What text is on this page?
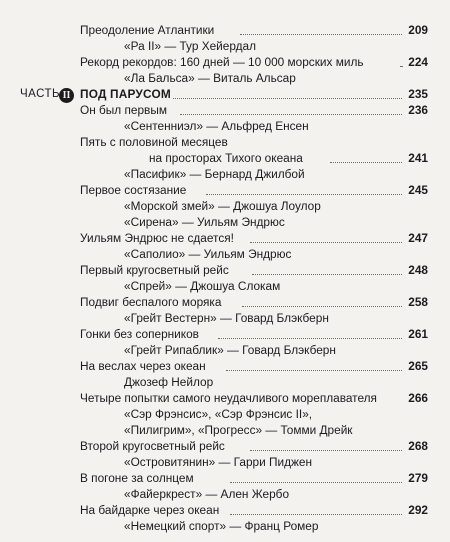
Преодоление Атлантики	209
«Ра II» — Тур Хейердал
Рекорд рекордов: 160 дней — 10 000 морских миль	224
«Ла Бальса» — Виталь Альсар
ЧАСТЬ II ПОД ПАРУСОМ	235
Он был первым	236
«Сентенниэл» — Альфред Енсен
Пять с половиной месяцев
на просторах Тихого океана	241
«Пасифик» — Бернард Джилбой
Первое состязание	245
«Морской змей» — Джошуа Лоулор
«Сирена» — Уильям Эндрюс
Уильям Эндрюс не сдается!	247
«Саполио» — Уильям Эндрюс
Первый кругосветный рейс	248
«Спрей» — Джошуа Слокам
Подвиг беспалого моряка	258
«Грейт Вестерн» — Говард Блэкберн
Гонки без соперников	261
«Грейт Рипаблик» — Говард Блэкберн
На веслах через океан	265
Джозеф Нейлор
Четыре попытки самого неудачливого мореплавателя	266
«Сэр Фрэнсис», «Сэр Фрэнсис II»,
«Пилигрим», «Прогресс» — Томми Дрейк
Второй кругосветный рейс	268
«Островитянин» — Гарри Пиджен
В погоне за солнцем	279
«Файеркрест» — Ален Жербо
На байдарке через океан	292
«Немецкий спорт» — Франц Ромер
